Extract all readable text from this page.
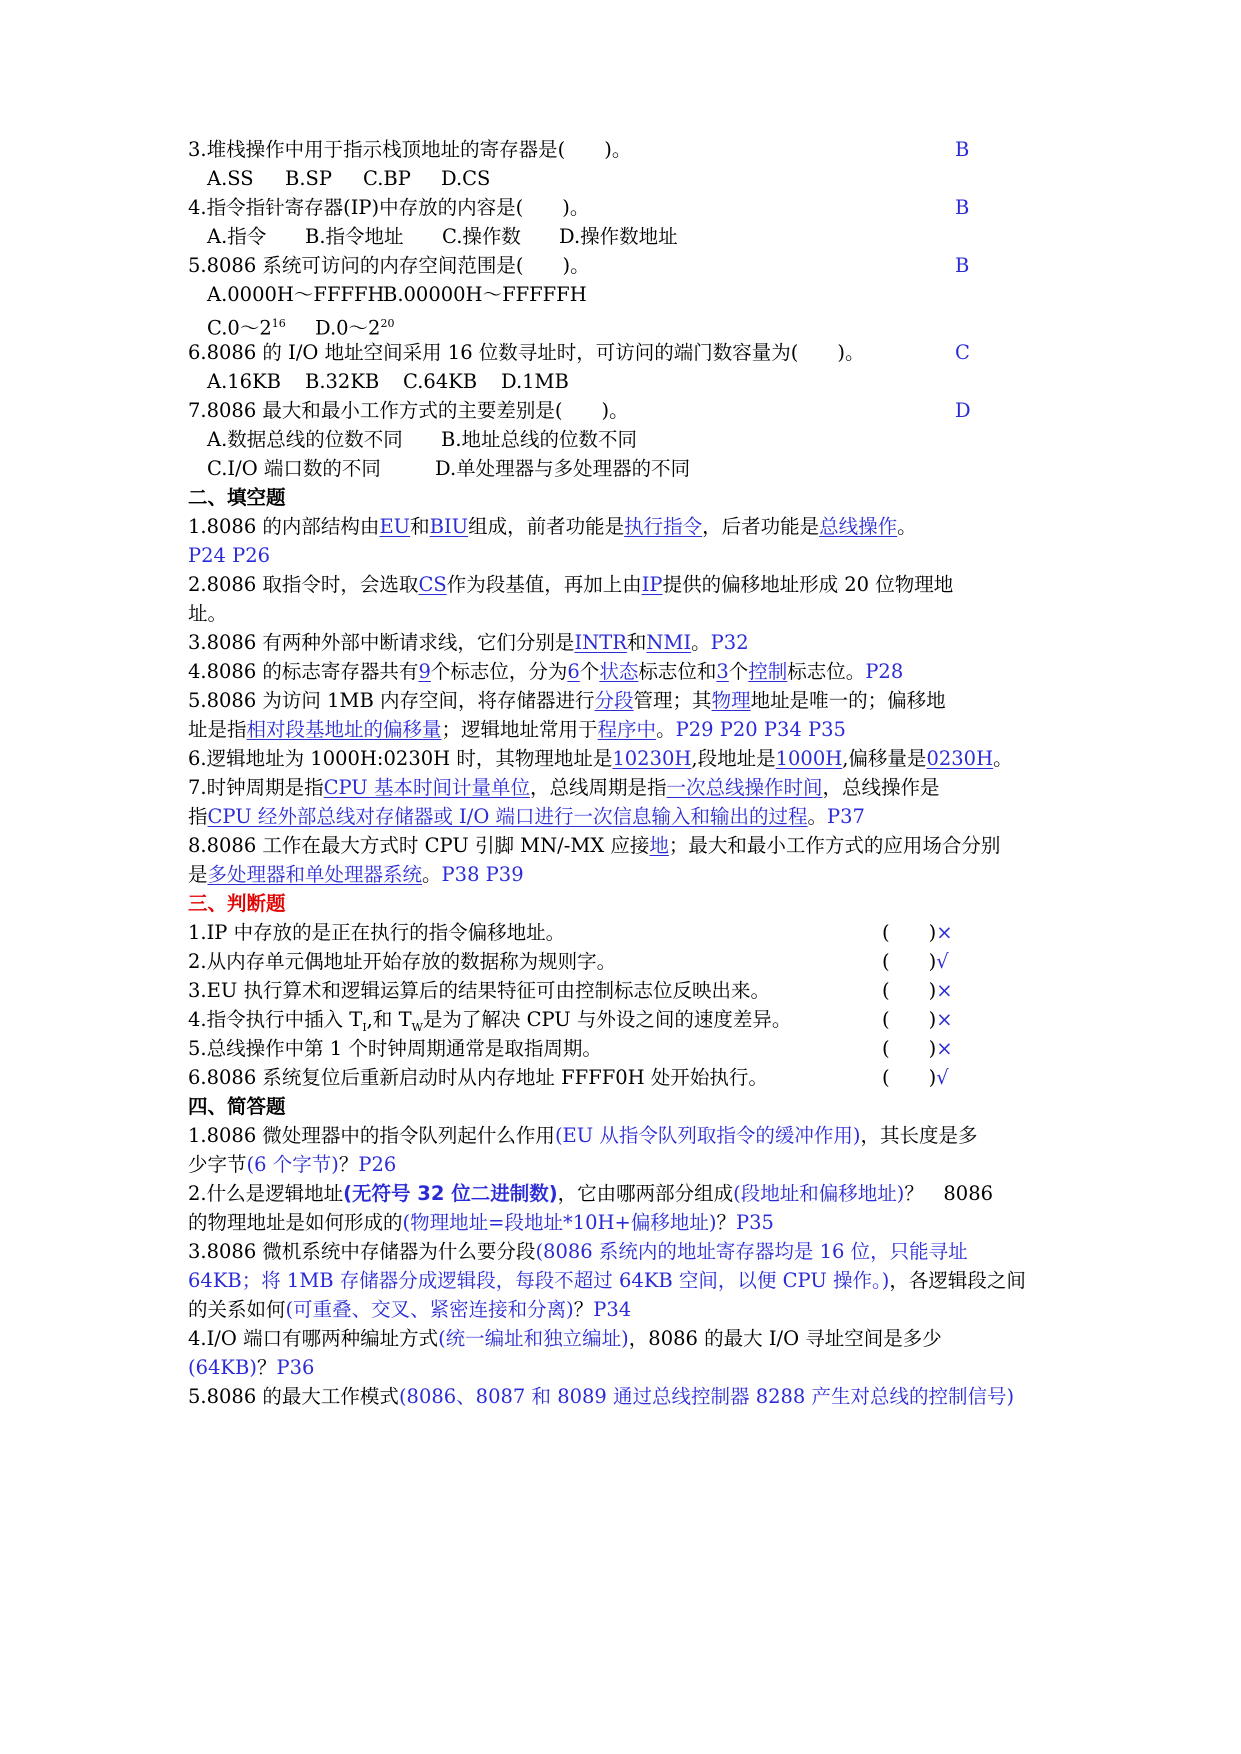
3.堆栈操作中用于指示栈顶地址的寄存器是(　　)。	B
A.SS B.SP C.BP D.CS
4.指令指针寄存器(IP)中存放的内容是(　　)。	B
A.指令 B.指令地址 C.操作数 D.操作数地址
5.8086 系统可访问的内存空间范围是(　　)。	B
A.0000H～FFFFHB.00000H～FFFFFH
$C.0\sim 2^{16}$ $D.0\sim 2^{20}$
6.8086 的 I/O 地址空间采用 16 位数寻址时，可访问的端门数容量为(　　)。	C
A.16KB B.32KB C.64KB D.1MB
7.8086 最大和最小工作方式的主要差别是(　　)。	D
A.数据总线的位数不同 B.地址总线的位数不同
C.I/O 端口数的不同	D.单处理器与多处理器的不同
二、填空题
1.8086 的内部结构由EU和BIU组成，前者功能是执行指令，后者功能是总线操作。
P24 P26
2.8086 取指令时，会选取CS作为段基值，再加上由IP提供的偏移地址形成 20 位物理地
址。
3.8086 有两种外部中断请求线，它们分别是INTR和NMI。P32
4.8086 的标志寄存器共有9个标志位，分为6个状态标志位和3个控制标志位。P28
5.8086 为访问 1MB 内存空间，将存储器进行分段管理；其物理地址是唯一的；偏移地
址是指相对段基地址的偏移量；逻辑地址常用于程序中。P29 P20 P34 P35
6.逻辑地址为 1000H:0230H 时，其物理地址是10230H,段地址是1000H,偏移量是0230H。
7.时钟周期是指CPU 基本时间计量单位，总线周期是指一次总线操作时间，总线操作是
指CPU 经外部总线对存储器或 I/O 端口进行一次信息输入和输出的过程。P37
8.8086 工作在最大方式时 CPU 引脚 MN/-MX 应接地；最大和最小工作方式的应用场合分别
是多处理器和单处理器系统。P38 P39
三、判断题
1.IP 中存放的是正在执行的指令偏移地址。	(　　)×
2.从内存单元偶地址开始存放的数据称为规则字。	(　　)√
3.EU 执行算术和逻辑运算后的结果特征可由控制标志位反映出来。	(　　)×
4.指令执行中插入 $T_I$,和 $T_W$是为了解决 CPU 与外设之间的速度差异。	(　　)×
5.总线操作中第 1 个时钟周期通常是取指周期。	(　　)×
6.8086 系统复位后重新启动时从内存地址 FFFF0H 处开始执行。	(　　)√
四、简答题
1.8086 微处理器中的指令队列起什么作用(EU 从指令队列取指令的缓冲作用)，其长度是多
少字节(6 个字节)？P26
2.什么是逻辑地址(无符号 32 位二进制数)，它由哪两部分组成(段地址和偏移地址)？　8086
的物理地址是如何形成的(物理地址=段地址*10H+偏移地址)？P35
3.8086 微机系统中存储器为什么要分段(8086 系统内的地址寄存器均是 16 位，只能寻址
64KB；将 1MB 存储器分成逻辑段，每段不超过 64KB 空间，以便 CPU 操作。)，各逻辑段之间
的关系如何(可重叠、交叉、紧密连接和分离)？P34
4.I/O 端口有哪两种编址方式(统一编址和独立编址)，8086 的最大 I/O 寻址空间是多少
(64KB)？P36
5.8086 的最大工作模式(8086、8087 和 8089 通过总线控制器 8288 产生对总线的控制信号)
